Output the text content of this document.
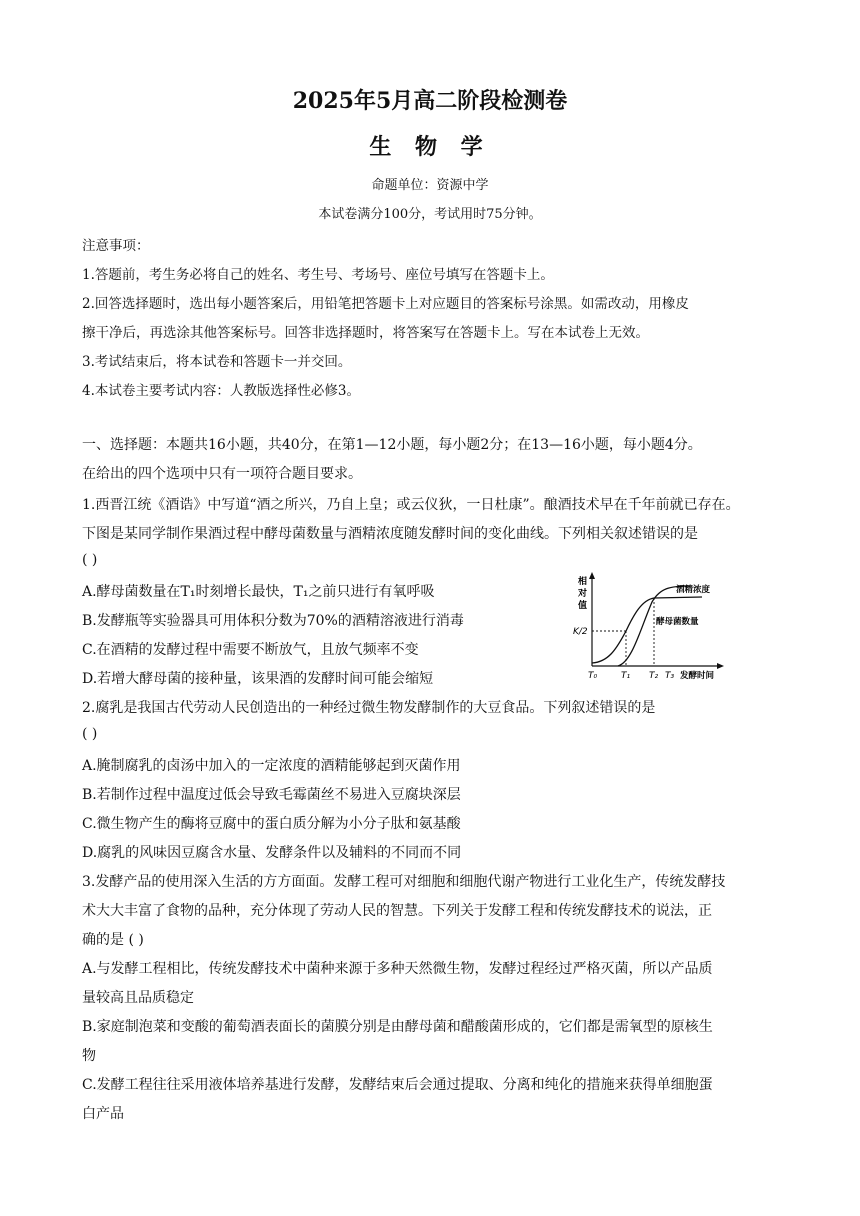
2025年5月高二阶段检测卷
生 物 学
命题单位：资源中学
本试卷满分100分，考试用时75分钟。
注意事项：
1.答题前，考生务必将自己的姓名、考生号、考场号、座位号填写在答题卡上。
2.回答选择题时，选出每小题答案后，用铅笔把答题卡上对应题目的答案标号涂黑。如需改动，用橡皮
擦干净后，再选涂其他答案标号。回答非选择题时，将答案写在答题卡上。写在本试卷上无效。
3.考试结束后，将本试卷和答题卡一并交回。
4.本试卷主要考试内容：人教版选择性必修3。
一、选择题：本题共16小题，共40分，在第1—12小题，每小题2分；在13—16小题，每小题4分。
在给出的四个选项中只有一项符合题目要求。
1.西晋江统《酒诰》中写道“酒之所兴，乃自上皇；或云仪狄，一日杜康”。酿酒技术早在千年前就已存在。
下图是某同学制作果酒过程中酵母菌数量与酒精浓度随发酵时间的变化曲线。下列相关叙述错误的是
( )
A.酵母菌数量在T₁时刻增长最快，T₁之前只进行有氧呼吸
B.发酵瓶等实验器具可用体积分数为70%的酒精溶液进行消毒
C.在酒精的发酵过程中需要不断放气，且放气频率不变
D.若增大酵母菌的接种量，该果酒的发酵时间可能会缩短
相
对
值
K/2
酒精浓度
酵母菌数量
T₀	T₁ T₂ T₃ 发酵时间
2.腐乳是我国古代劳动人民创造出的一种经过微生物发酵制作的大豆食品。下列叙述错误的是
( )
A.腌制腐乳的卤汤中加入的一定浓度的酒精能够起到灭菌作用
B.若制作过程中温度过低会导致毛霉菌丝不易进入豆腐块深层
C.微生物产生的酶将豆腐中的蛋白质分解为小分子肽和氨基酸
D.腐乳的风味因豆腐含水量、发酵条件以及辅料的不同而不同
3.发酵产品的使用深入生活的方方面面。发酵工程可对细胞和细胞代谢产物进行工业化生产，传统发酵技
术大大丰富了食物的品种，充分体现了劳动人民的智慧。下列关于发酵工程和传统发酵技术的说法，正
确的是 ( )
A.与发酵工程相比，传统发酵技术中菌种来源于多种天然微生物，发酵过程经过严格灭菌，所以产品质
量较高且品质稳定
B.家庭制泡菜和变酸的葡萄酒表面长的菌膜分别是由酵母菌和醋酸菌形成的，它们都是需氧型的原核生
物
C.发酵工程往往采用液体培养基进行发酵，发酵结束后会通过提取、分离和纯化的措施来获得单细胞蛋
白产品
